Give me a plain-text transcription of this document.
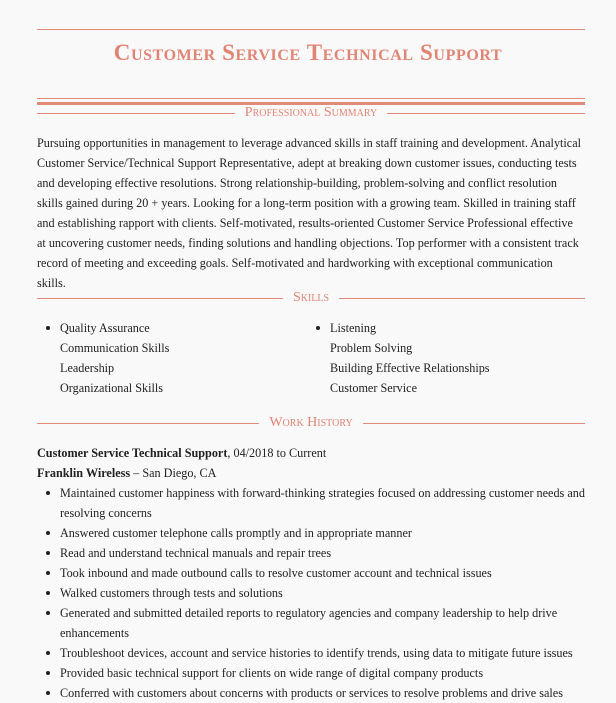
Customer Service Technical Support
Professional Summary
Pursuing opportunities in management to leverage advanced skills in staff training and development. Analytical Customer Service/Technical Support Representative, adept at breaking down customer issues, conducting tests and developing effective resolutions. Strong relationship-building, problem-solving and conflict resolution skills gained during 20 + years. Looking for a long-term position with a growing team. Skilled in training staff and establishing rapport with clients. Self-motivated, results-oriented Customer Service Professional effective at uncovering customer needs, finding solutions and handling objections. Top performer with a consistent track record of meeting and exceeding goals. Self-motivated and hardworking with exceptional communication skills.
Skills
Quality Assurance
Communication Skills
Leadership
Organizational Skills
Listening
Problem Solving
Building Effective Relationships
Customer Service
Work History
Customer Service Technical Support, 04/2018 to Current
Franklin Wireless – San Diego, CA
Maintained customer happiness with forward-thinking strategies focused on addressing customer needs and resolving concerns
Answered customer telephone calls promptly and in appropriate manner
Read and understand technical manuals and repair trees
Took inbound and made outbound calls to resolve customer account and technical issues
Walked customers through tests and solutions
Generated and submitted detailed reports to regulatory agencies and company leadership to help drive enhancements
Troubleshoot devices, account and service histories to identify trends, using data to mitigate future issues
Provided basic technical support for clients on wide range of digital company products
Conferred with customers about concerns with products or services to resolve problems and drive sales
